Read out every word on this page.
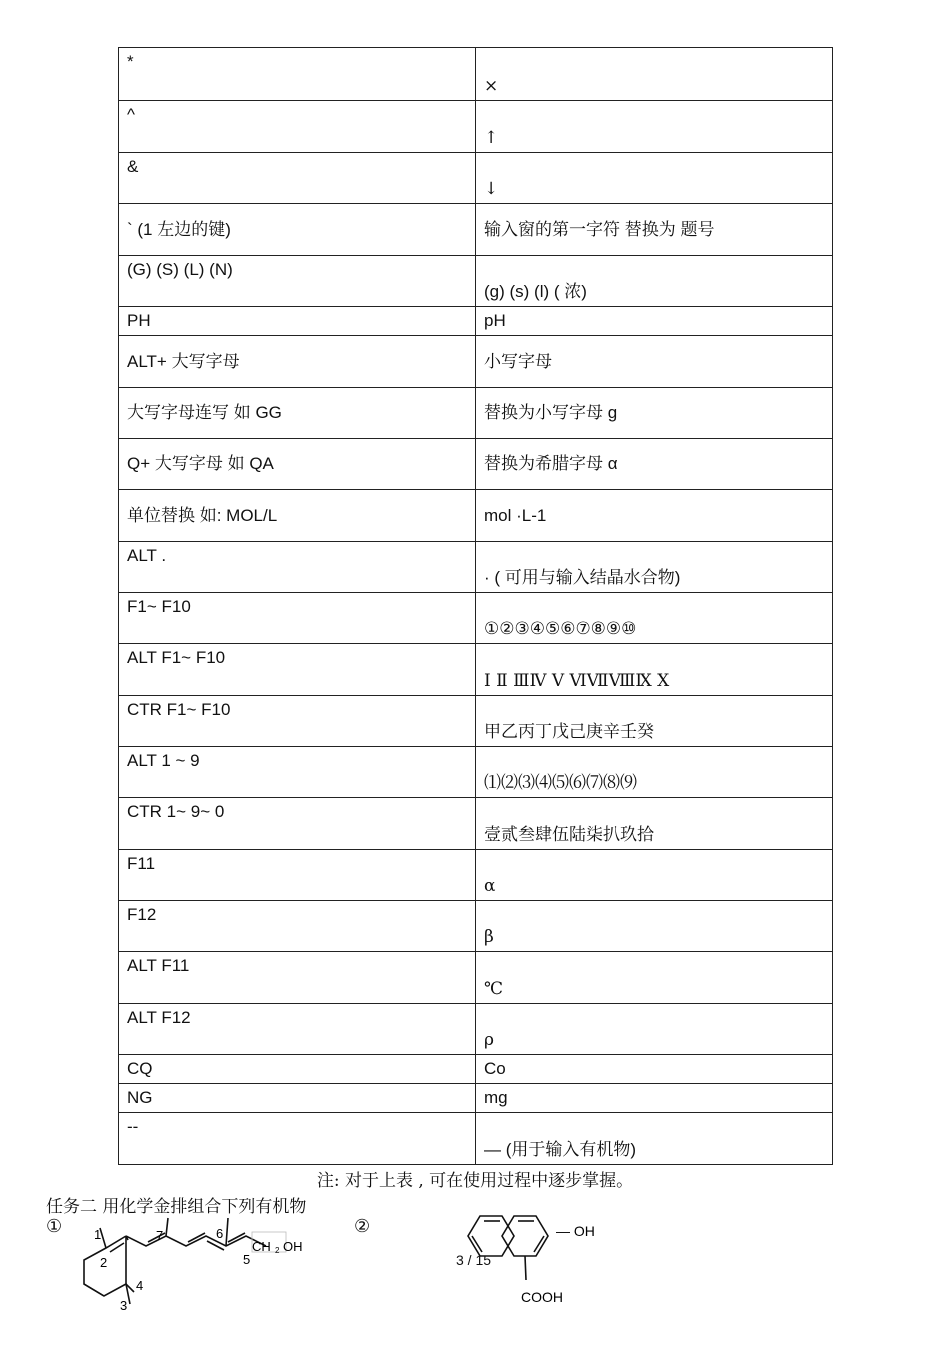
*	×
^	↑
&	↓
` (1 左边的键)	输入窗的第一字符 替换为 题号
(G) (S) (L) (N)	(g) (s) (l) ( 浓)
PH	pH
ALT+ 大写字母	小写字母
大写字母连写 如 GG	替换为小写字母 g
Q+ 大写字母 如 QA	替换为希腊字母 α
单位替换 如: MOL/L	mol ·L-1
ALT .	· ( 可用与输入结晶水合物)
F1~ F10	①②③④⑤⑥⑦⑧⑨⑩
ALT F1~ F10	Ⅰ Ⅱ ⅢⅣ Ⅴ ⅥⅦⅧⅨ Ⅹ
CTR F1~ F10	甲乙丙丁戊己庚辛壬癸
ALT 1 ~ 9	⑴⑵⑶⑷⑸⑹⑺⑻⑼
CTR 1~ 9~ 0	壹贰叁肆伍陆柒扒玖拾
F11	α
F12	β
ALT F11	℃
ALT F12	ρ
CQ	Co
NG	mg
--	— (用于输入有机物)
注: 对于上表 , 可在使用过程中逐步掌握。
任务二 用化学金排组合下列有机物
①	②
1
2
3
4
5
6
7
CH 2 OH
— OH
COOH
3 / 15
